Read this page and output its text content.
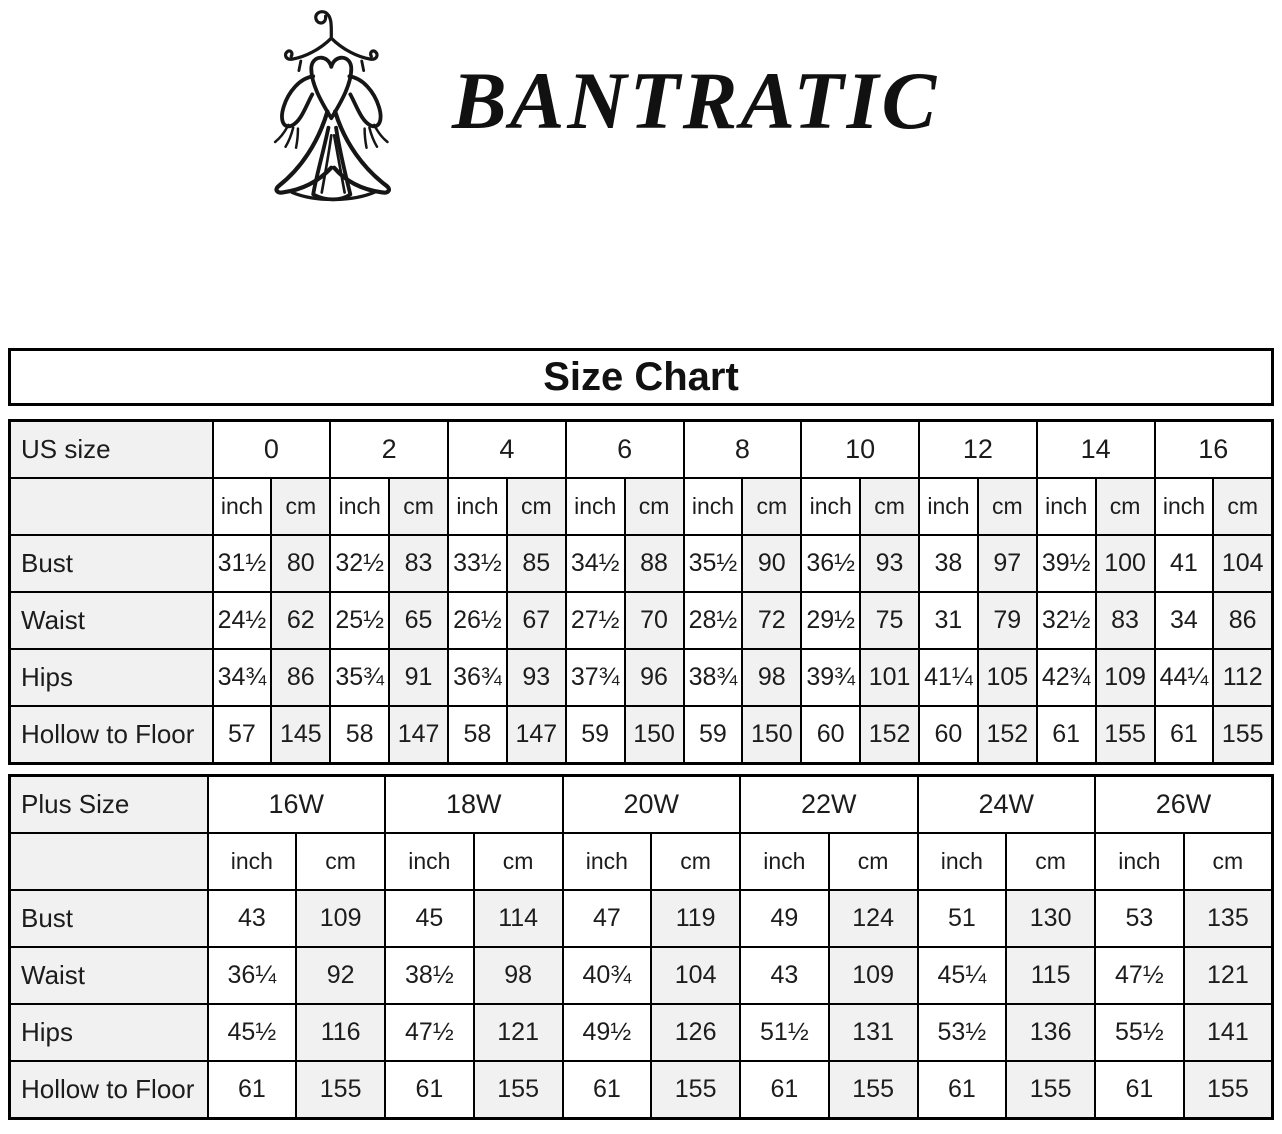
BANTRATIC
Size Chart
US size	0		2		4		6		8		10		12		14		16	
	inch	cm	inch	cm	inch	cm	inch	cm	inch	cm	inch	cm	inch	cm	inch	cm	inch	cm
Bust	31½	80	32½	83	33½	85	34½	88	35½	90	36½	93	38	97	39½	100	41	104
Waist	24½	62	25½	65	26½	67	27½	70	28½	72	29½	75	31	79	32½	83	34	86
Hips	34¾	86	35¾	91	36¾	93	37¾	96	38¾	98	39¾	101	41¼	105	42¾	109	44¼	112
Hollow to Floor	57	145	58	147	58	147	59	150	59	150	60	152	60	152	61	155	61	155
Plus Size	16W		18W		20W		22W		24W		26W	
	inch	cm	inch	cm	inch	cm	inch	cm	inch	cm	inch	cm
Bust	43	109	45	114	47	119	49	124	51	130	53	135
Waist	36¼	92	38½	98	40¾	104	43	109	45¼	115	47½	121
Hips	45½	116	47½	121	49½	126	51½	131	53½	136	55½	141
Hollow to Floor	61	155	61	155	61	155	61	155	61	155	61	155
